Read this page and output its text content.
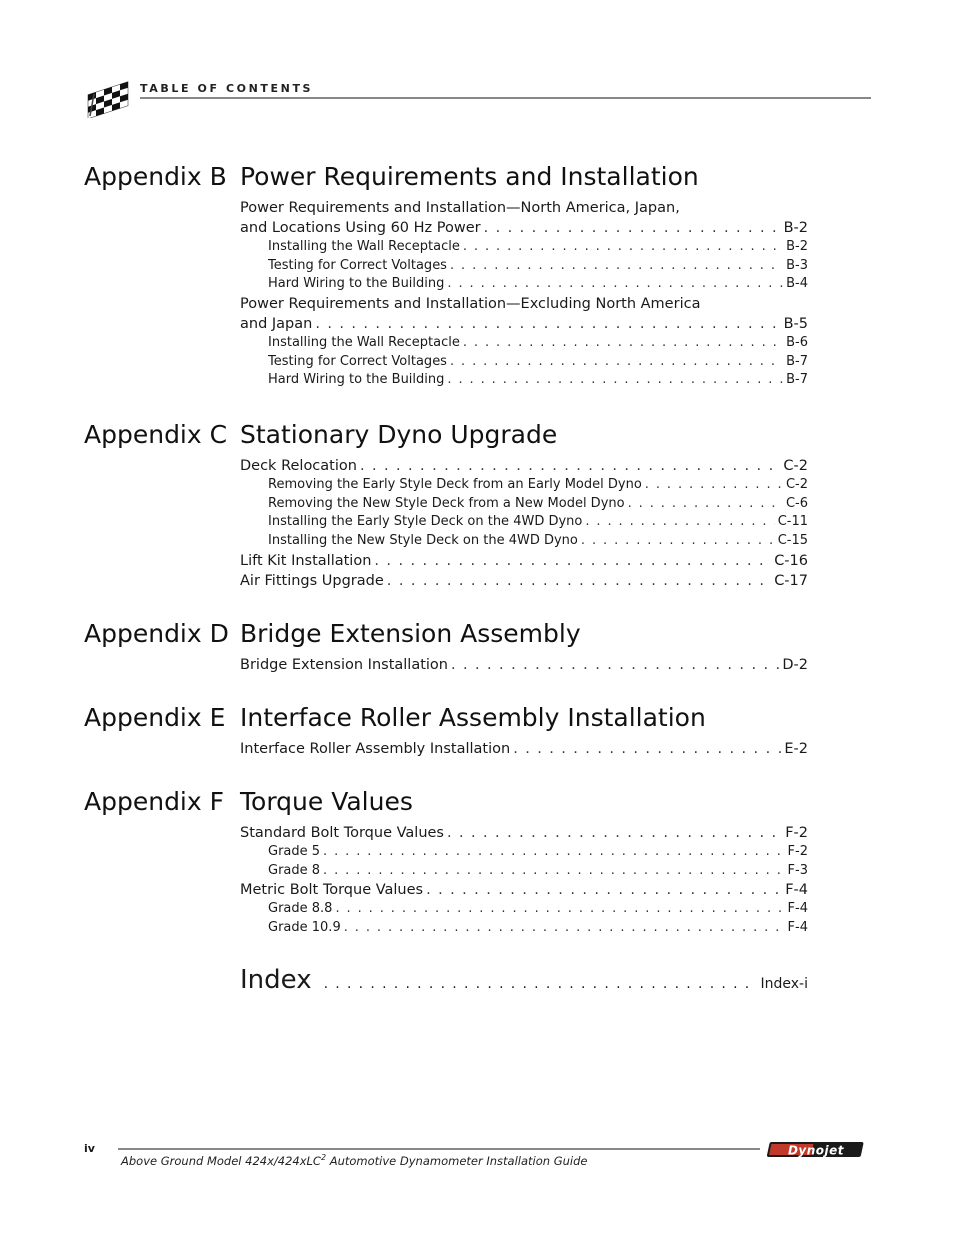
TABLE OF CONTENTS
Appendix B Power Requirements and Installation
Power Requirements and Installation—North America, Japan,
and Locations Using 60 Hz Power . . .	B-2
Installing the Wall Receptacle . . .	B-2
Testing for Correct Voltages . . .	B-3
Hard Wiring to the Building . . .	B-4
Power Requirements and Installation—Excluding North America
and Japan . . .	B-5
Installing the Wall Receptacle . . .	B-6
Testing for Correct Voltages . . .	B-7
Hard Wiring to the Building . . .	B-7
Appendix C Stationary Dyno Upgrade
Deck Relocation . . .	C-2
Removing the Early Style Deck from an Early Model Dyno . . .	C-2
Removing the New Style Deck from a New Model Dyno . . .	C-6
Installing the Early Style Deck on the 4WD Dyno . . .	C-11
Installing the New Style Deck on the 4WD Dyno . . .	C-15
Lift Kit Installation . . .	C-16
Air Fittings Upgrade . . .	C-17
Appendix D Bridge Extension Assembly
Bridge Extension Installation . . .	D-2
Appendix E Interface Roller Assembly Installation
Interface Roller Assembly Installation . . .	E-2
Appendix F Torque Values
Standard Bolt Torque Values . . .	F-2
Grade 5 . . .	F-2
Grade 8 . . .	F-3
Metric Bolt Torque Values . . .	F-4
Grade 8.8 . . .	F-4
Grade 10.9 . . .	F-4
Index . . .	Index-i
iv
Above Ground Model 424x/424xLC$^2$ Automotive Dynamometer Installation Guide
Dynojet
